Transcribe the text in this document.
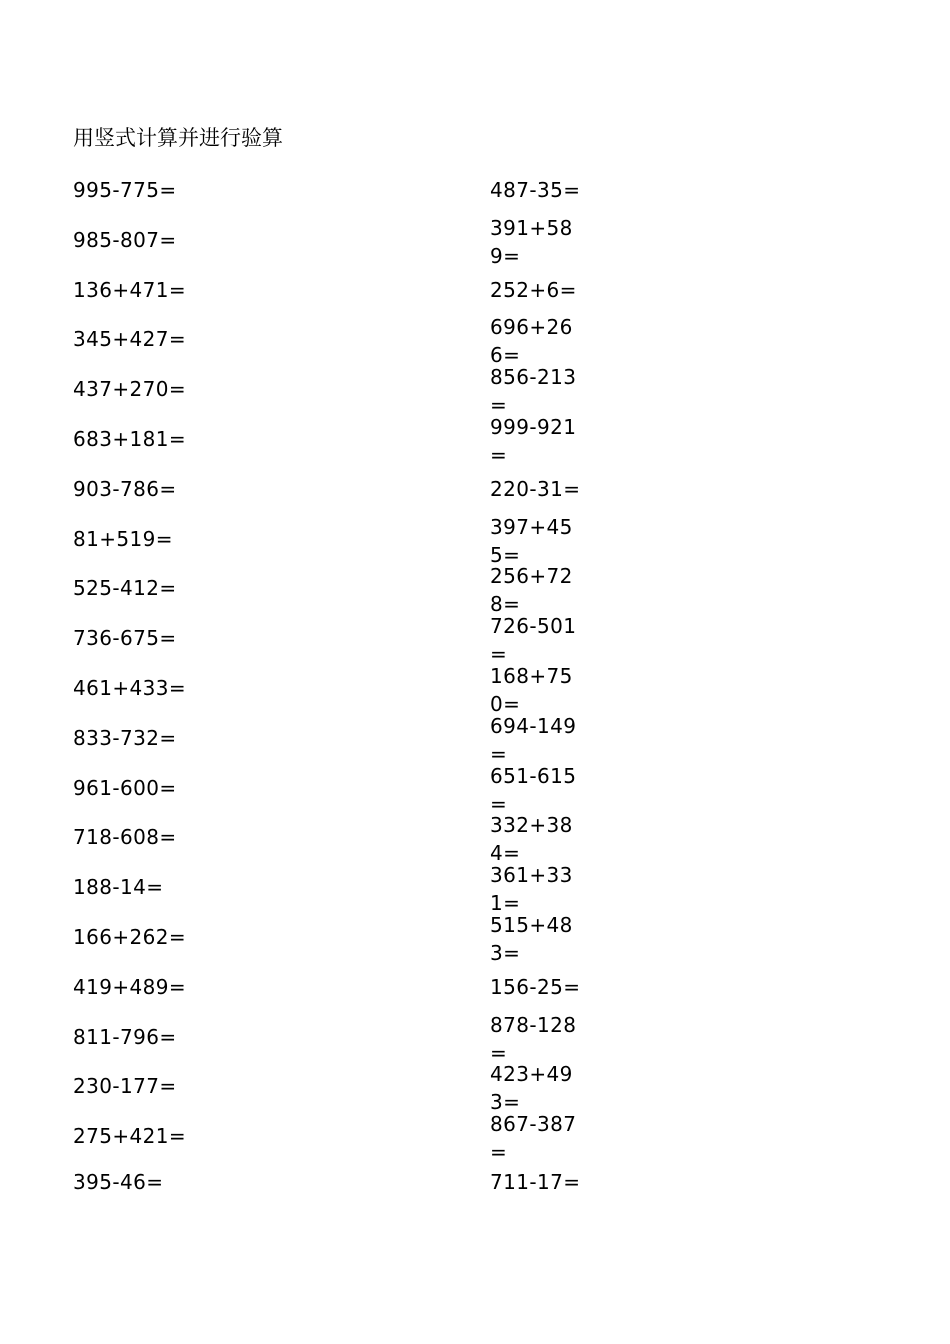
用竖式计算并进行验算
995-775=
985-807=
136+471=
345+427=
437+270=
683+181=
903-786=
81+519=
525-412=
736-675=
461+433=
833-732=
961-600=
718-608=
188-14=
166+262=
419+489=
811-796=
230-177=
275+421=
395-46=
487-35=
391+589=
252+6=
696+266=
856-213=
999-921=
220-31=
397+455=
256+728=
726-501=
168+750=
694-149=
651-615=
332+384=
361+331=
515+483=
156-25=
878-128=
423+493=
867-387=
711-17=
